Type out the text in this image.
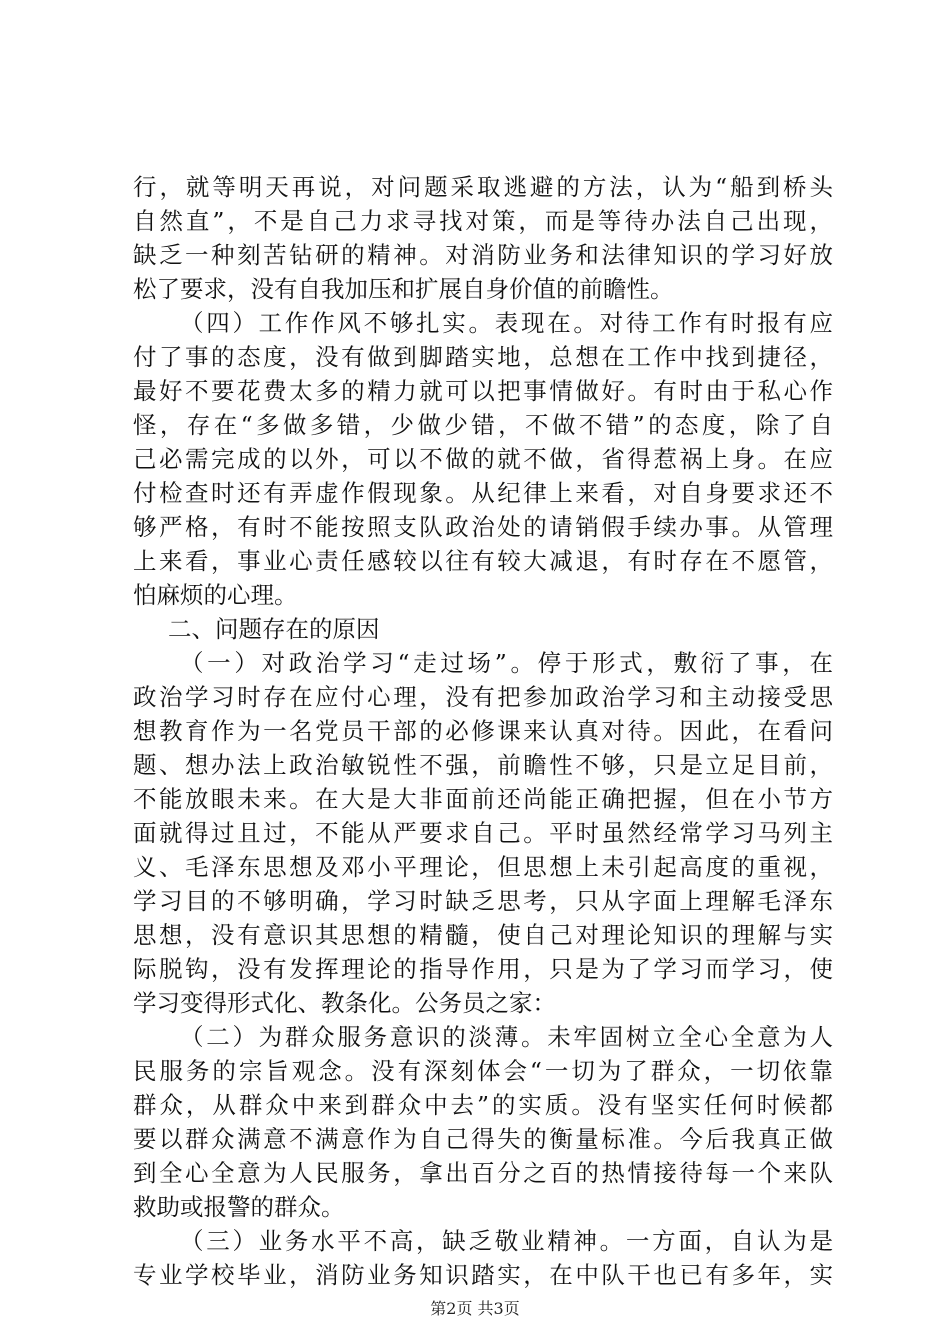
行，就等明天再说，对问题采取逃避的方法，认为“船到桥头
自然直”，不是自己力求寻找对策，而是等待办法自己出现，
缺乏一种刻苦钻研的精神。对消防业务和法律知识的学习好放
松了要求，没有自我加压和扩展自身价值的前瞻性。
（四）工作作风不够扎实。表现在。对待工作有时报有应
付了事的态度，没有做到脚踏实地，总想在工作中找到捷径，
最好不要花费太多的精力就可以把事情做好。有时由于私心作
怪，存在“多做多错，少做少错，不做不错”的态度，除了自
己必需完成的以外，可以不做的就不做，省得惹祸上身。在应
付检查时还有弄虚作假现象。从纪律上来看，对自身要求还不
够严格，有时不能按照支队政治处的请销假手续办事。从管理
上来看，事业心责任感较以往有较大减退，有时存在不愿管，
怕麻烦的心理。
二、问题存在的原因
（一）对政治学习“走过场”。停于形式，敷衍了事，在
政治学习时存在应付心理，没有把参加政治学习和主动接受思
想教育作为一名党员干部的必修课来认真对待。因此，在看问
题、想办法上政治敏锐性不强，前瞻性不够，只是立足目前，
不能放眼未来。在大是大非面前还尚能正确把握，但在小节方
面就得过且过，不能从严要求自己。平时虽然经常学习马列主
义、毛泽东思想及邓小平理论，但思想上未引起高度的重视，
学习目的不够明确，学习时缺乏思考，只从字面上理解毛泽东
思想，没有意识其思想的精髓，使自己对理论知识的理解与实
际脱钩，没有发挥理论的指导作用，只是为了学习而学习，使
学习变得形式化、教条化。公务员之家：
（二）为群众服务意识的淡薄。未牢固树立全心全意为人
民服务的宗旨观念。没有深刻体会“一切为了群众，一切依靠
群众，从群众中来到群众中去”的实质。没有坚实任何时候都
要以群众满意不满意作为自己得失的衡量标准。今后我真正做
到全心全意为人民服务，拿出百分之百的热情接待每一个来队
救助或报警的群众。
（三）业务水平不高，缺乏敬业精神。一方面，自认为是
专业学校毕业，消防业务知识踏实，在中队干也已有多年，实
第2页 共3页
